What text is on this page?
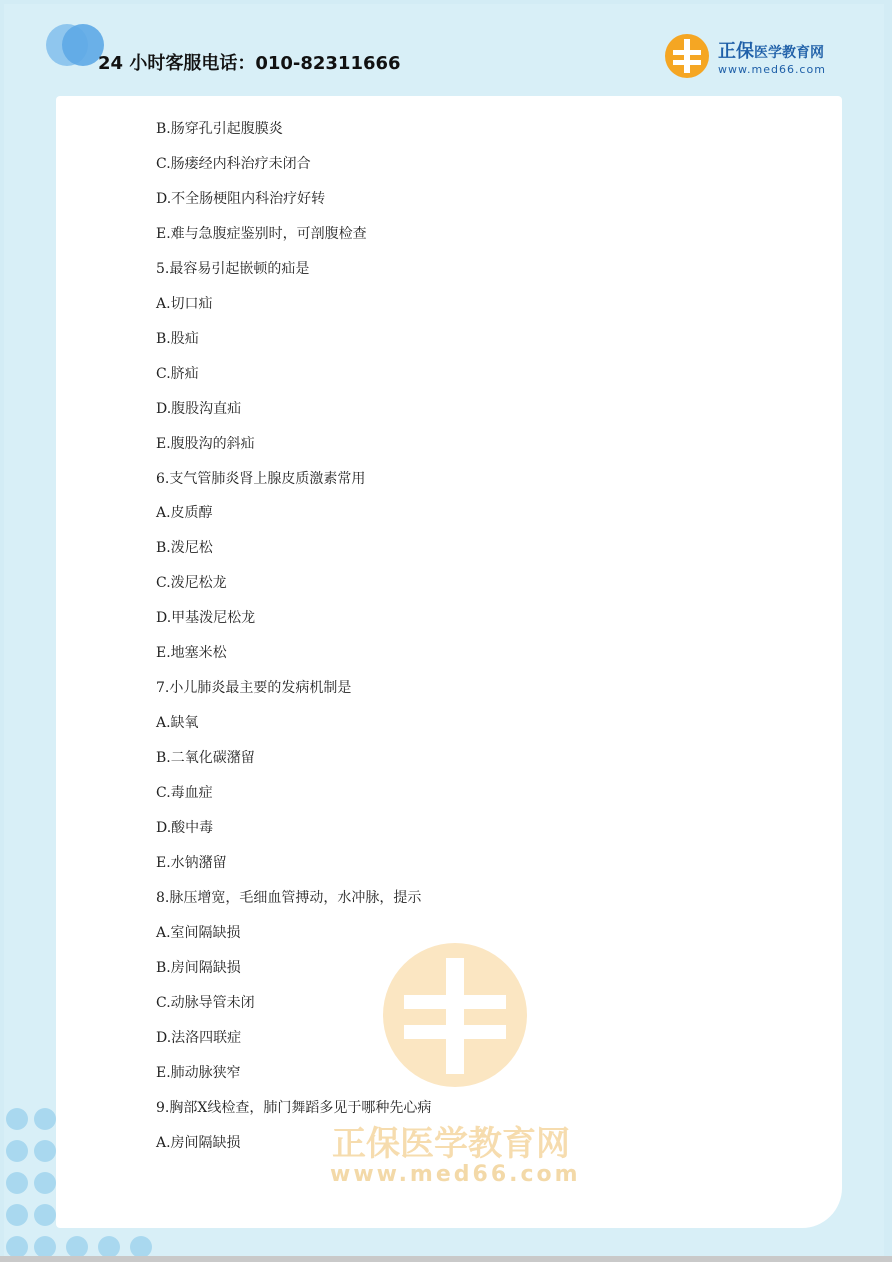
24 小时客服电话：010-82311666
正保医学教育网
www.med66.com
B.肠穿孔引起腹膜炎
C.肠瘘经内科治疗未闭合
D.不全肠梗阻内科治疗好转
E.难与急腹症鉴别时，可剖腹检查
5.最容易引起嵌顿的疝是
A.切口疝
B.股疝
C.脐疝
D.腹股沟直疝
E.腹股沟的斜疝
6.支气管肺炎肾上腺皮质激素常用
A.皮质醇
B.泼尼松
C.泼尼松龙
D.甲基泼尼松龙
E.地塞米松
7.小儿肺炎最主要的发病机制是
A.缺氧
B.二氧化碳潴留
C.毒血症
D.酸中毒
E.水钠潴留
8.脉压增宽，毛细血管搏动，水冲脉，提示
A.室间隔缺损
B.房间隔缺损
C.动脉导管未闭
D.法洛四联症
E.肺动脉狭窄
9.胸部X线检查，肺门舞蹈多见于哪种先心病
A.房间隔缺损	正保医学教育网
www.med66.com
